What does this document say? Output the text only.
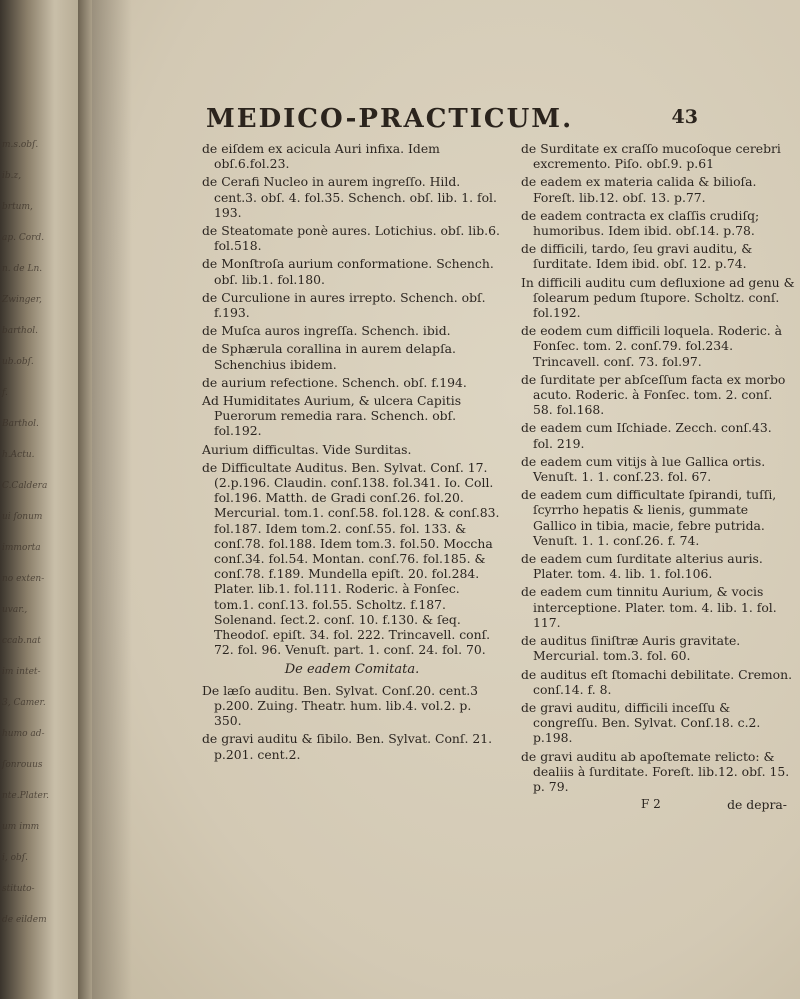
m.s.obſ.
ib.z,
brtum,
ap. Cord.
n. de Ln.
Zwinger,
barthol.
ub.obſ.
f.
Barthol.
h.Actu.
C.Caldera
ui ſonum
immorta
no exten-
uvar.,
ccab.nat
im intet-
3, Camer.
humo ad-
ſonrouus
nte.Plater.
um imm
i, obſ.
stituto-
de eildem
MEDICO-PRACTICUM.	43
de eiſdem ex acicula Auri infixa. Idem obſ.6.fol.23.
de Cerafi Nucleo in aurem ingreſſo. Hild. cent.3. obſ. 4. fol.35. Schench. obſ. lib. 1. fol. 193.
de Steatomate ponè aures. Lotichius. obſ. lib.6. fol.518.
de Monſtroſa aurium conformatione. Schench. obſ. lib.1. fol.180.
de Curculione in aures irrepto. Schench. obſ. f.193.
de Muſca auros ingreſſa. Schench. ibid.
de Sphærula corallina in aurem delapſa. Schenchius ibidem.
de aurium refectione. Schench. obſ. f.194.
Ad Humiditates Aurium, & ulcera Capitis Puerorum remedia rara. Schench. obſ. fol.192.
Aurium difficultas. Vide Surditas.
de Difficultate Auditus. Ben. Sylvat. Conſ. 17. (2.p.196. Claudin. conſ.138. fol.341. Io. Coll. fol.196. Matth. de Gradi conſ.26. fol.20. Mercurial. tom.1. conſ.58. fol.128. & conſ.83. fol.187. Idem tom.2. conſ.55. fol. 133. & conſ.78. fol.188. Idem tom.3. fol.50. Moccha conſ.34. fol.54. Montan. conſ.76. fol.185. & conſ.78. f.189. Mundella epiſt. 20. fol.284. Plater. lib.1. fol.111. Roderic. à Fonſec. tom.1. conſ.13. fol.55. Scholtz. f.187. Solenand. ſect.2. conſ. 10. f.130. & ſeq. Theodoſ. epiſt. 34. fol. 222. Trincavell. conſ. 72. fol. 96. Venuſt. part. 1. conſ. 24. fol. 70.
De eadem Comitata.
De læſo auditu. Ben. Sylvat. Conſ.20. cent.3 p.200. Zuing. Theatr. hum. lib.4. vol.2. p. 350.
de gravi auditu & ſibilo. Ben. Sylvat. Conſ. 21. p.201. cent.2.
de Surditate ex craſſo mucoſoque cerebri excremento. Piſo. obſ.9. p.61
de eadem ex materia calida & bilioſa. Foreſt. lib.12. obſ. 13. p.77.
de eadem contracta ex claſſis crudiſq; humoribus. Idem ibid. obſ.14. p.78.
de difficili, tardo, ſeu gravi auditu, & ſurditate. Idem ibid. obſ. 12. p.74.
In difficili auditu cum defluxione ad genu & ſolearum pedum ſtupore. Scholtz. conſ. fol.192.
de eodem cum difficili loquela. Roderic. à Fonſec. tom. 2. conſ.79. fol.234. Trincavell. conſ. 73. fol.97.
de ſurditate per abſceſſum facta ex morbo acuto. Roderic. à Fonſec. tom. 2. conſ. 58. fol.168.
de eadem cum Iſchiade. Zecch. conſ.43. fol. 219.
de eadem cum vitijs à lue Gallica ortis. Venuſt. 1. 1. conſ.23. fol. 67.
de eadem cum difficultate ſpirandi, tuſſi, ſcyrrho hepatis & lienis, gummate Gallico in tibia, macie, febre putrida. Venuſt. 1. 1. conſ.26. f. 74.
de eadem cum ſurditate alterius auris. Plater. tom. 4. lib. 1. fol.106.
de eadem cum tinnitu Aurium, & vocis interceptione. Plater. tom. 4. lib. 1. fol. 117.
de auditus ſiniſtræ Auris gravitate. Mercurial. tom.3. fol. 60.
de auditus eſt ſtomachi debilitate. Cremon. conſ.14. f. 8.
de gravi auditu, difficili inceſſu & congreſſu. Ben. Sylvat. Conſ.18. c.2. p.198.
de gravi auditu ab apoſtemate relicto: & dealiis à ſurditate. Foreſt. lib.12. obſ. 15. p. 79.
F 2	de depra-
